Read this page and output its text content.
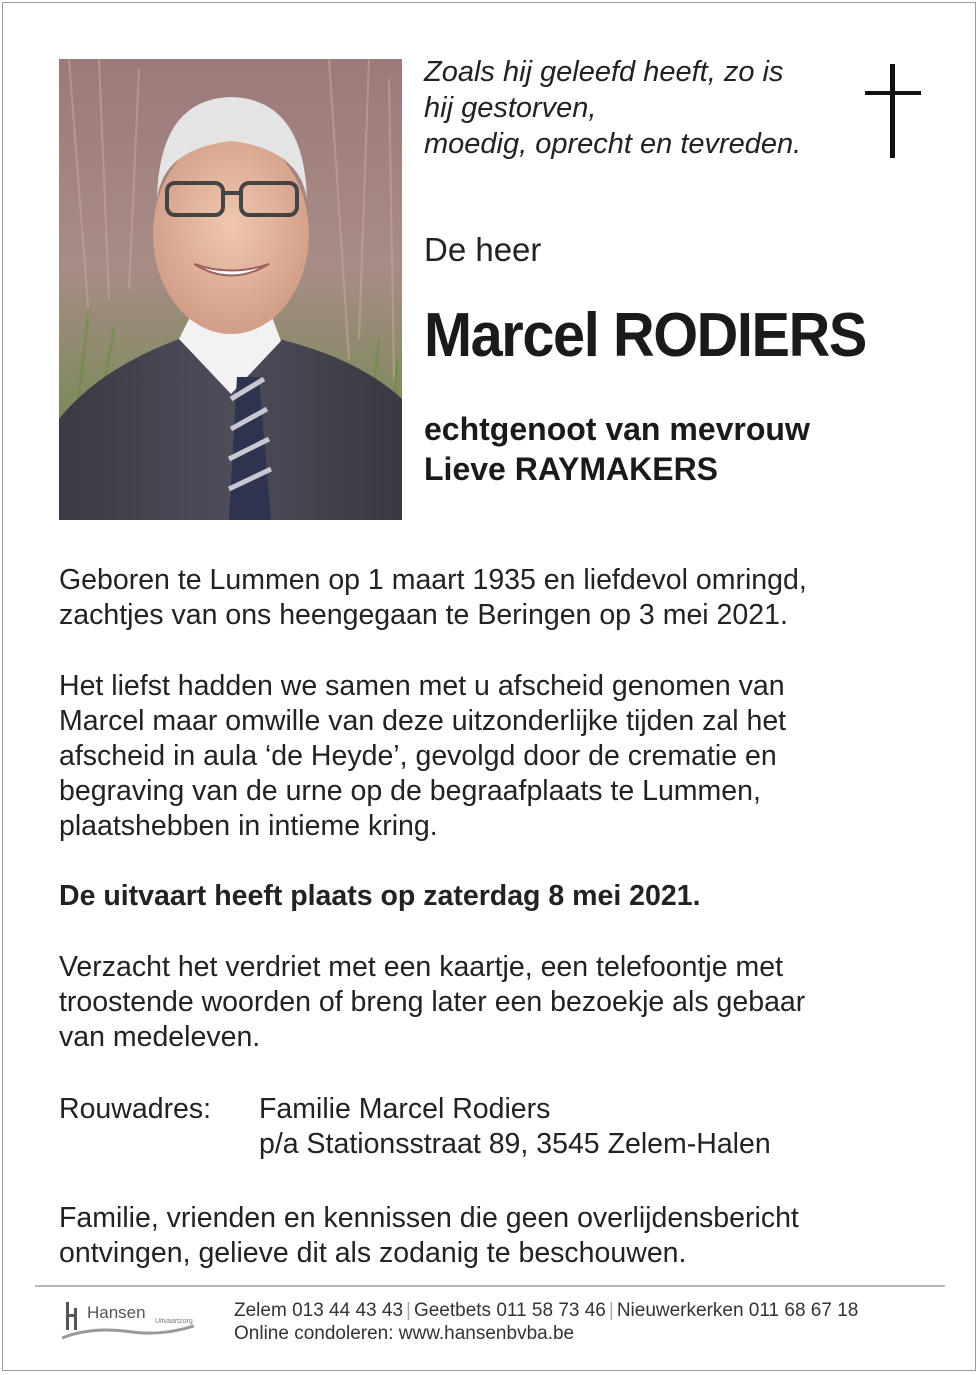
Zoals hij geleefd heeft, zo is
hij gestorven,
moedig, oprecht en tevreden.
De heer
Marcel RODIERS
echtgenoot van mevrouw
Lieve RAYMAKERS
Geboren te Lummen op 1 maart 1935 en liefdevol omringd,
zachtjes van ons heengegaan te Beringen op 3 mei 2021.
Het liefst hadden we samen met u afscheid genomen van
Marcel maar omwille van deze uitzonderlijke tijden zal het
afscheid in aula ‘de Heyde’, gevolgd door de crematie en
begraving van de urne op de begraafplaats te Lummen,
plaatshebben in intieme kring.
De uitvaart heeft plaats op zaterdag 8 mei 2021.
Verzacht het verdriet met een kaartje, een telefoontje met
troostende woorden of breng later een bezoekje als gebaar
van medeleven.
Rouwadres: Familie Marcel Rodiers
p/a Stationsstraat 89, 3545 Zelem-Halen
Familie, vrienden en kennissen die geen overlijdensbericht
ontvingen, gelieve dit als zodanig te beschouwen.
Hansen Uitvaartzorg
Zelem 013 44 43 43 | Geetbets 011 58 73 46 | Nieuwerkerken 011 68 67 18
Online condoleren: www.hansenbvba.be
